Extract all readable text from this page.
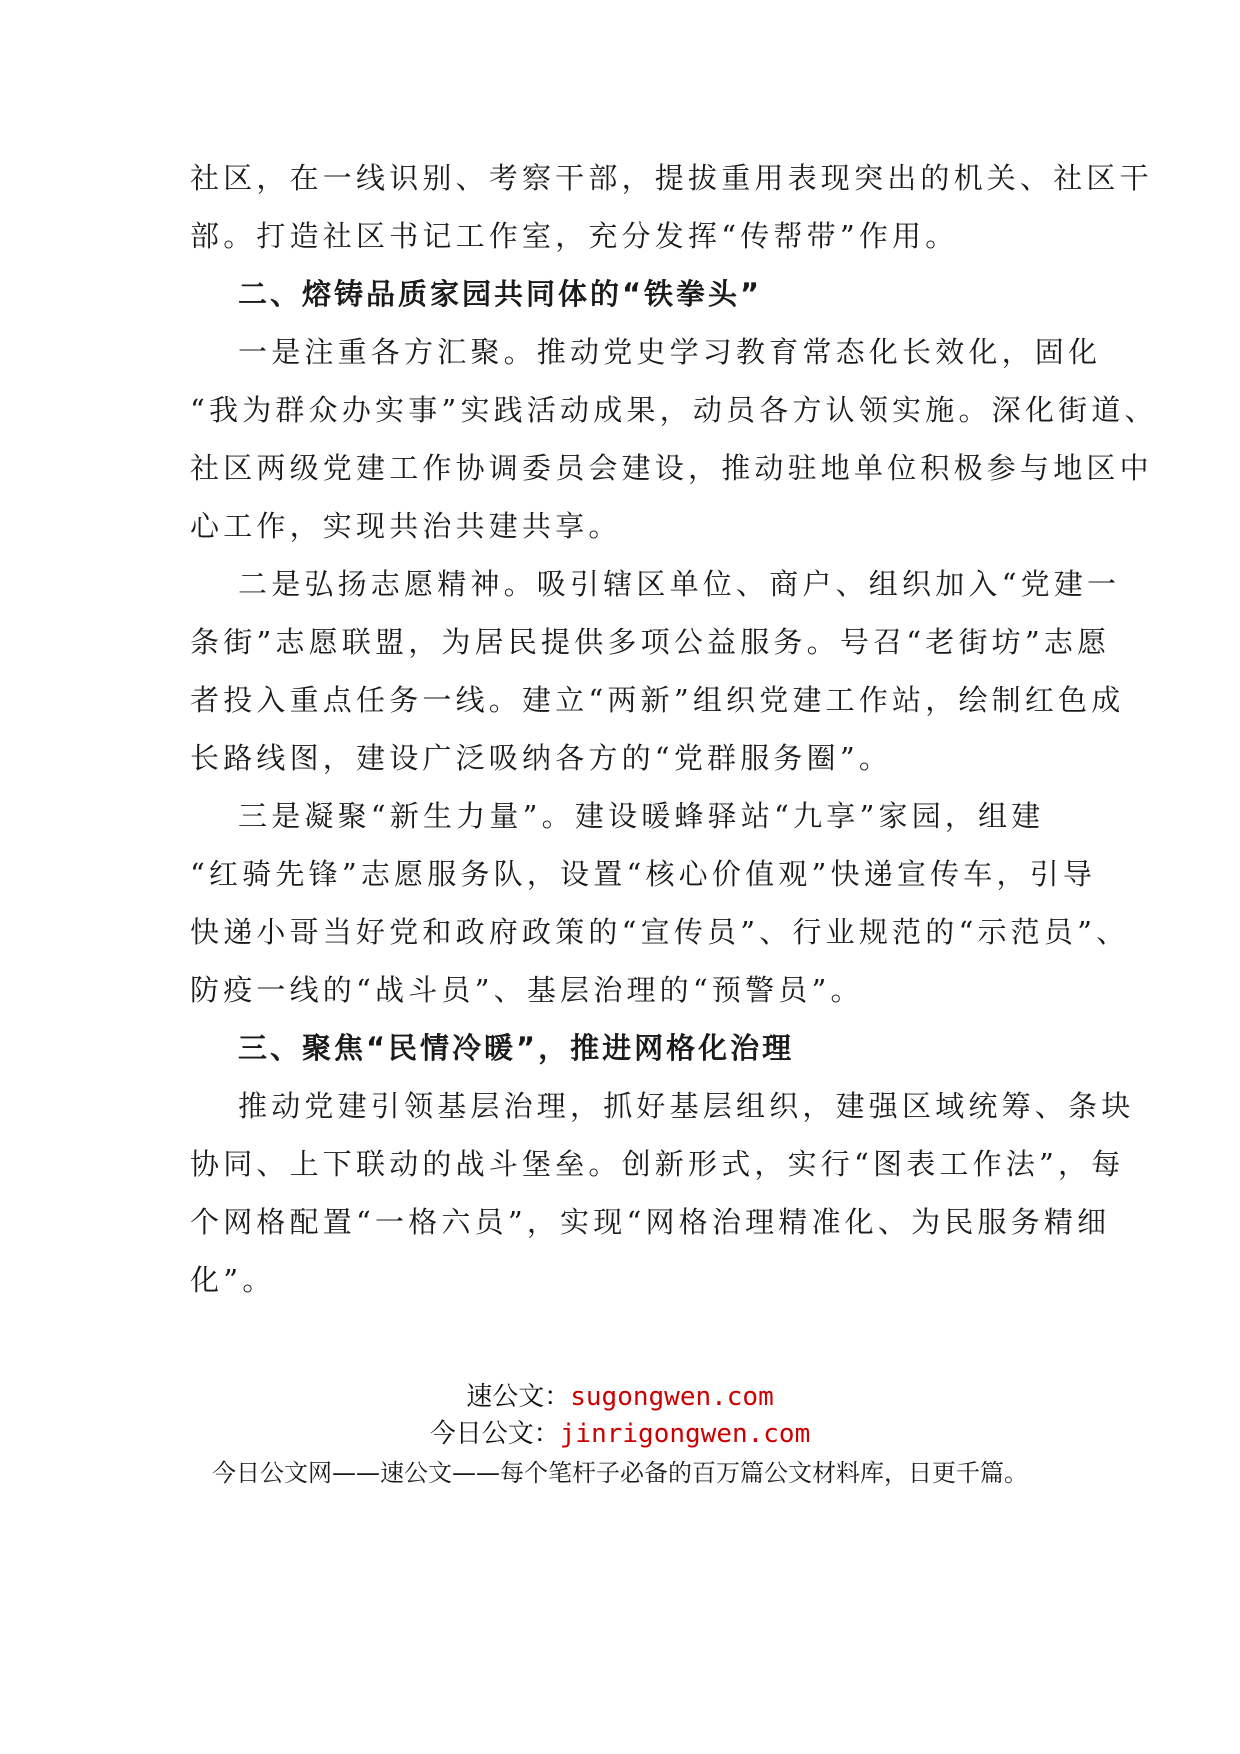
社区，在一线识别、考察干部，提拔重用表现突出的机关、社区干
部。打造社区书记工作室，充分发挥“传帮带”作用。
二、熔铸品质家园共同体的“铁拳头”
一是注重各方汇聚。推动党史学习教育常态化长效化，固化
“我为群众办实事”实践活动成果，动员各方认领实施。深化街道、
社区两级党建工作协调委员会建设，推动驻地单位积极参与地区中
心工作，实现共治共建共享。
二是弘扬志愿精神。吸引辖区单位、商户、组织加入“党建一
条街”志愿联盟，为居民提供多项公益服务。号召“老街坊”志愿
者投入重点任务一线。建立“两新”组织党建工作站，绘制红色成
长路线图，建设广泛吸纳各方的“党群服务圈”。
三是凝聚“新生力量”。建设暖蜂驿站“九享”家园，组建
“红骑先锋”志愿服务队，设置“核心价值观”快递宣传车，引导
快递小哥当好党和政府政策的“宣传员”、行业规范的“示范员”、
防疫一线的“战斗员”、基层治理的“预警员”。
三、聚焦“民情冷暖”，推进网格化治理
推动党建引领基层治理，抓好基层组织，建强区域统筹、条块
协同、上下联动的战斗堡垒。创新形式，实行“图表工作法”，每
个网格配置“一格六员”，实现“网格治理精准化、为民服务精细
化”。
速公文：sugongwen.com
今日公文：jinrigongwen.com
今日公文网——速公文——每个笔杆子必备的百万篇公文材料库，日更千篇。
